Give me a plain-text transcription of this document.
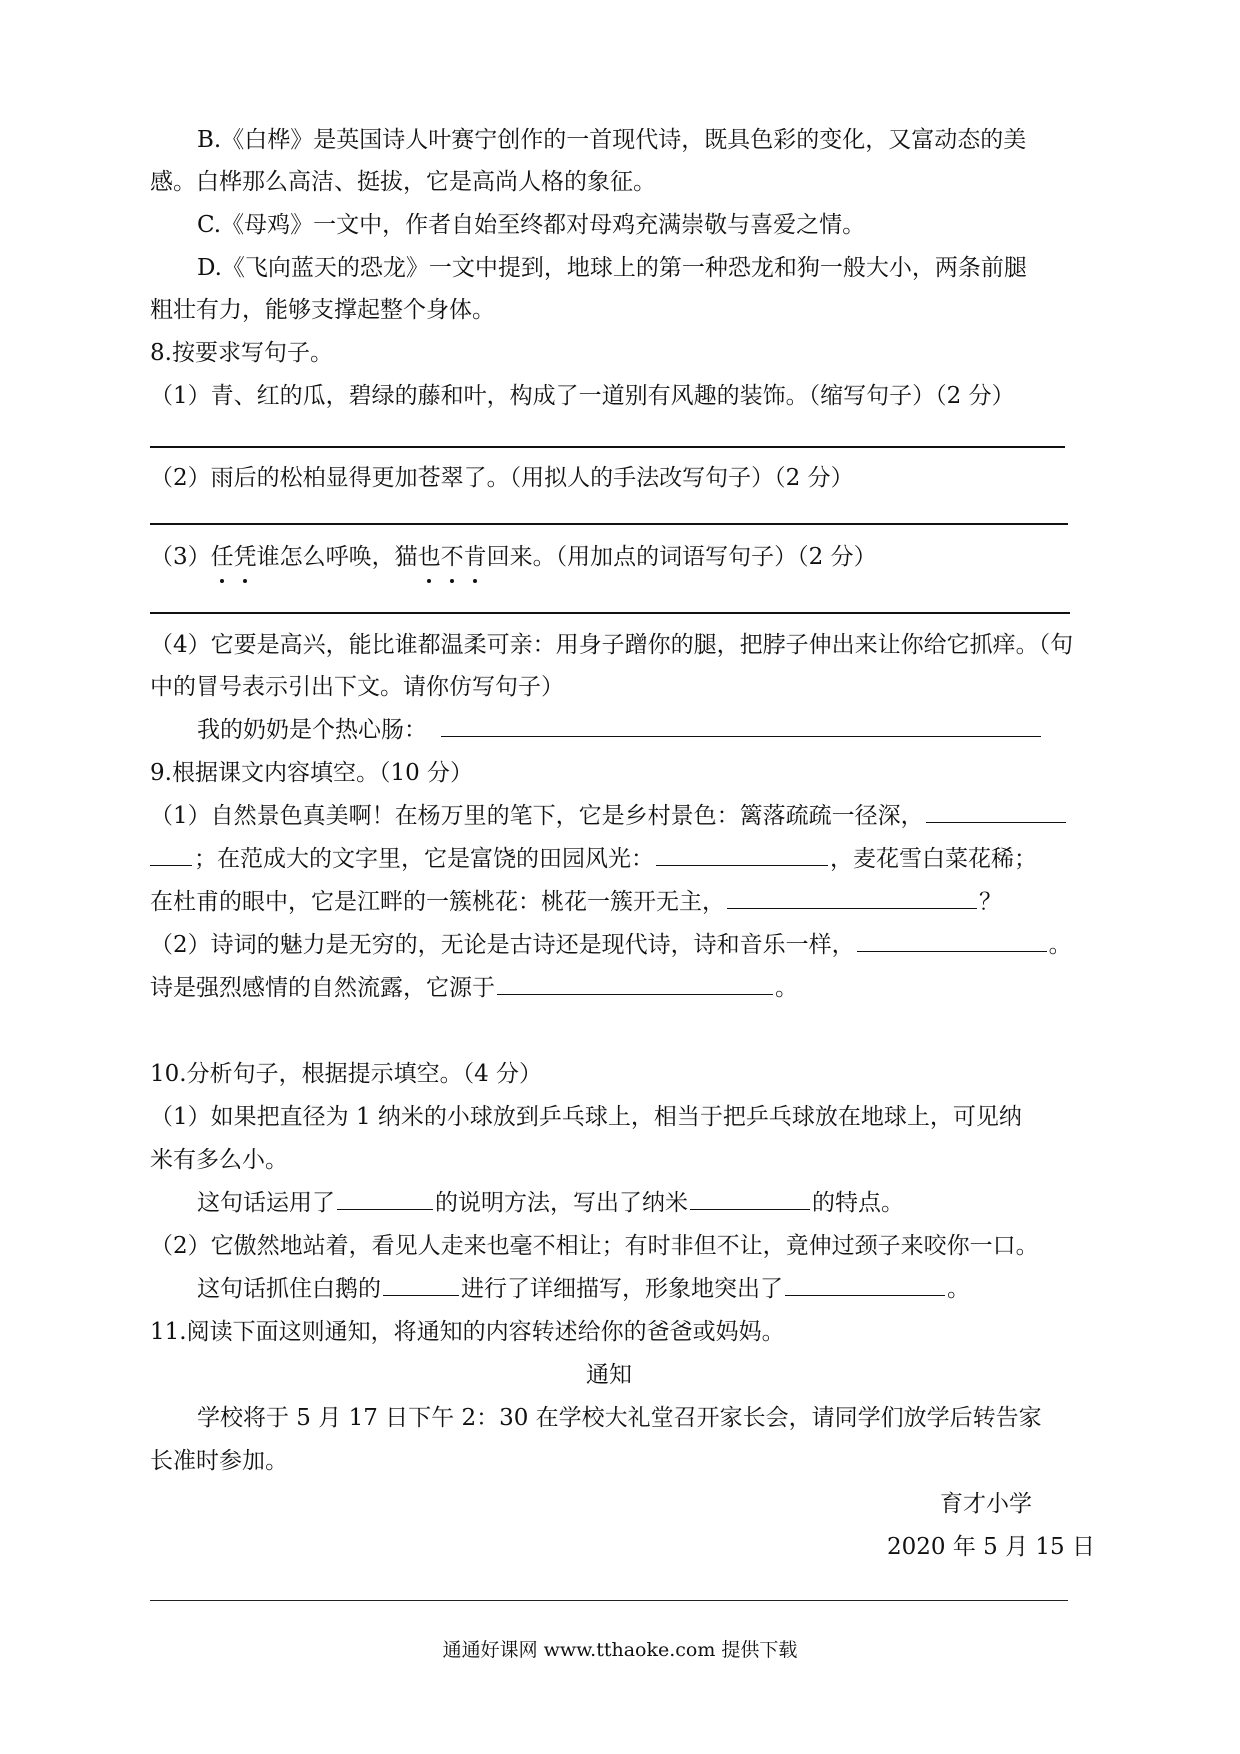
B.《白桦》是英国诗人叶赛宁创作的一首现代诗，既具色彩的变化，又富动态的美
感。白桦那么高洁、挺拔，它是高尚人格的象征。
C.《母鸡》一文中，作者自始至终都对母鸡充满崇敬与喜爱之情。
D.《飞向蓝天的恐龙》一文中提到，地球上的第一种恐龙和狗一般大小，两条前腿
粗壮有力，能够支撑起整个身体。
8.按要求写句子。
（1）青、红的瓜，碧绿的藤和叶，构成了一道别有风趣的装饰。（缩写句子）（2 分）
（2）雨后的松柏显得更加苍翠了。（用拟人的手法改写句子）（2 分）
（3）任凭谁怎么呼唤，猫也不肯回来。（用加点的词语写句子）（2 分）
（4）它要是高兴，能比谁都温柔可亲：用身子蹭你的腿，把脖子伸出来让你给它抓痒。（句
中的冒号表示引出下文。请你仿写句子）
我的奶奶是个热心肠：
9.根据课文内容填空。（10 分）
（1）自然景色真美啊！在杨万里的笔下，它是乡村景色：篱落疏疏一径深，
；在范成大的文字里，它是富饶的田园风光：	，麦花雪白菜花稀；
在杜甫的眼中，它是江畔的一簇桃花：桃花一簇开无主，	？
（2）诗词的魅力是无穷的，无论是古诗还是现代诗，诗和音乐一样，	。
诗是强烈感情的自然流露，它源于	。
10.分析句子，根据提示填空。（4 分）
（1）如果把直径为 1 纳米的小球放到乒乓球上，相当于把乒乓球放在地球上，可见纳
米有多么小。
这句话运用了	的说明方法，写出了纳米	的特点。
（2）它傲然地站着，看见人走来也毫不相让；有时非但不让，竟伸过颈子来咬你一口。
这句话抓住白鹅的	进行了详细描写，形象地突出了	。
11.阅读下面这则通知，将通知的内容转述给你的爸爸或妈妈。
通知
学校将于 5 月 17 日下午 2：30 在学校大礼堂召开家长会，请同学们放学后转告家
长准时参加。
育才小学
2020 年 5 月 15 日
通通好课网 www.tthaoke.com 提供下载
